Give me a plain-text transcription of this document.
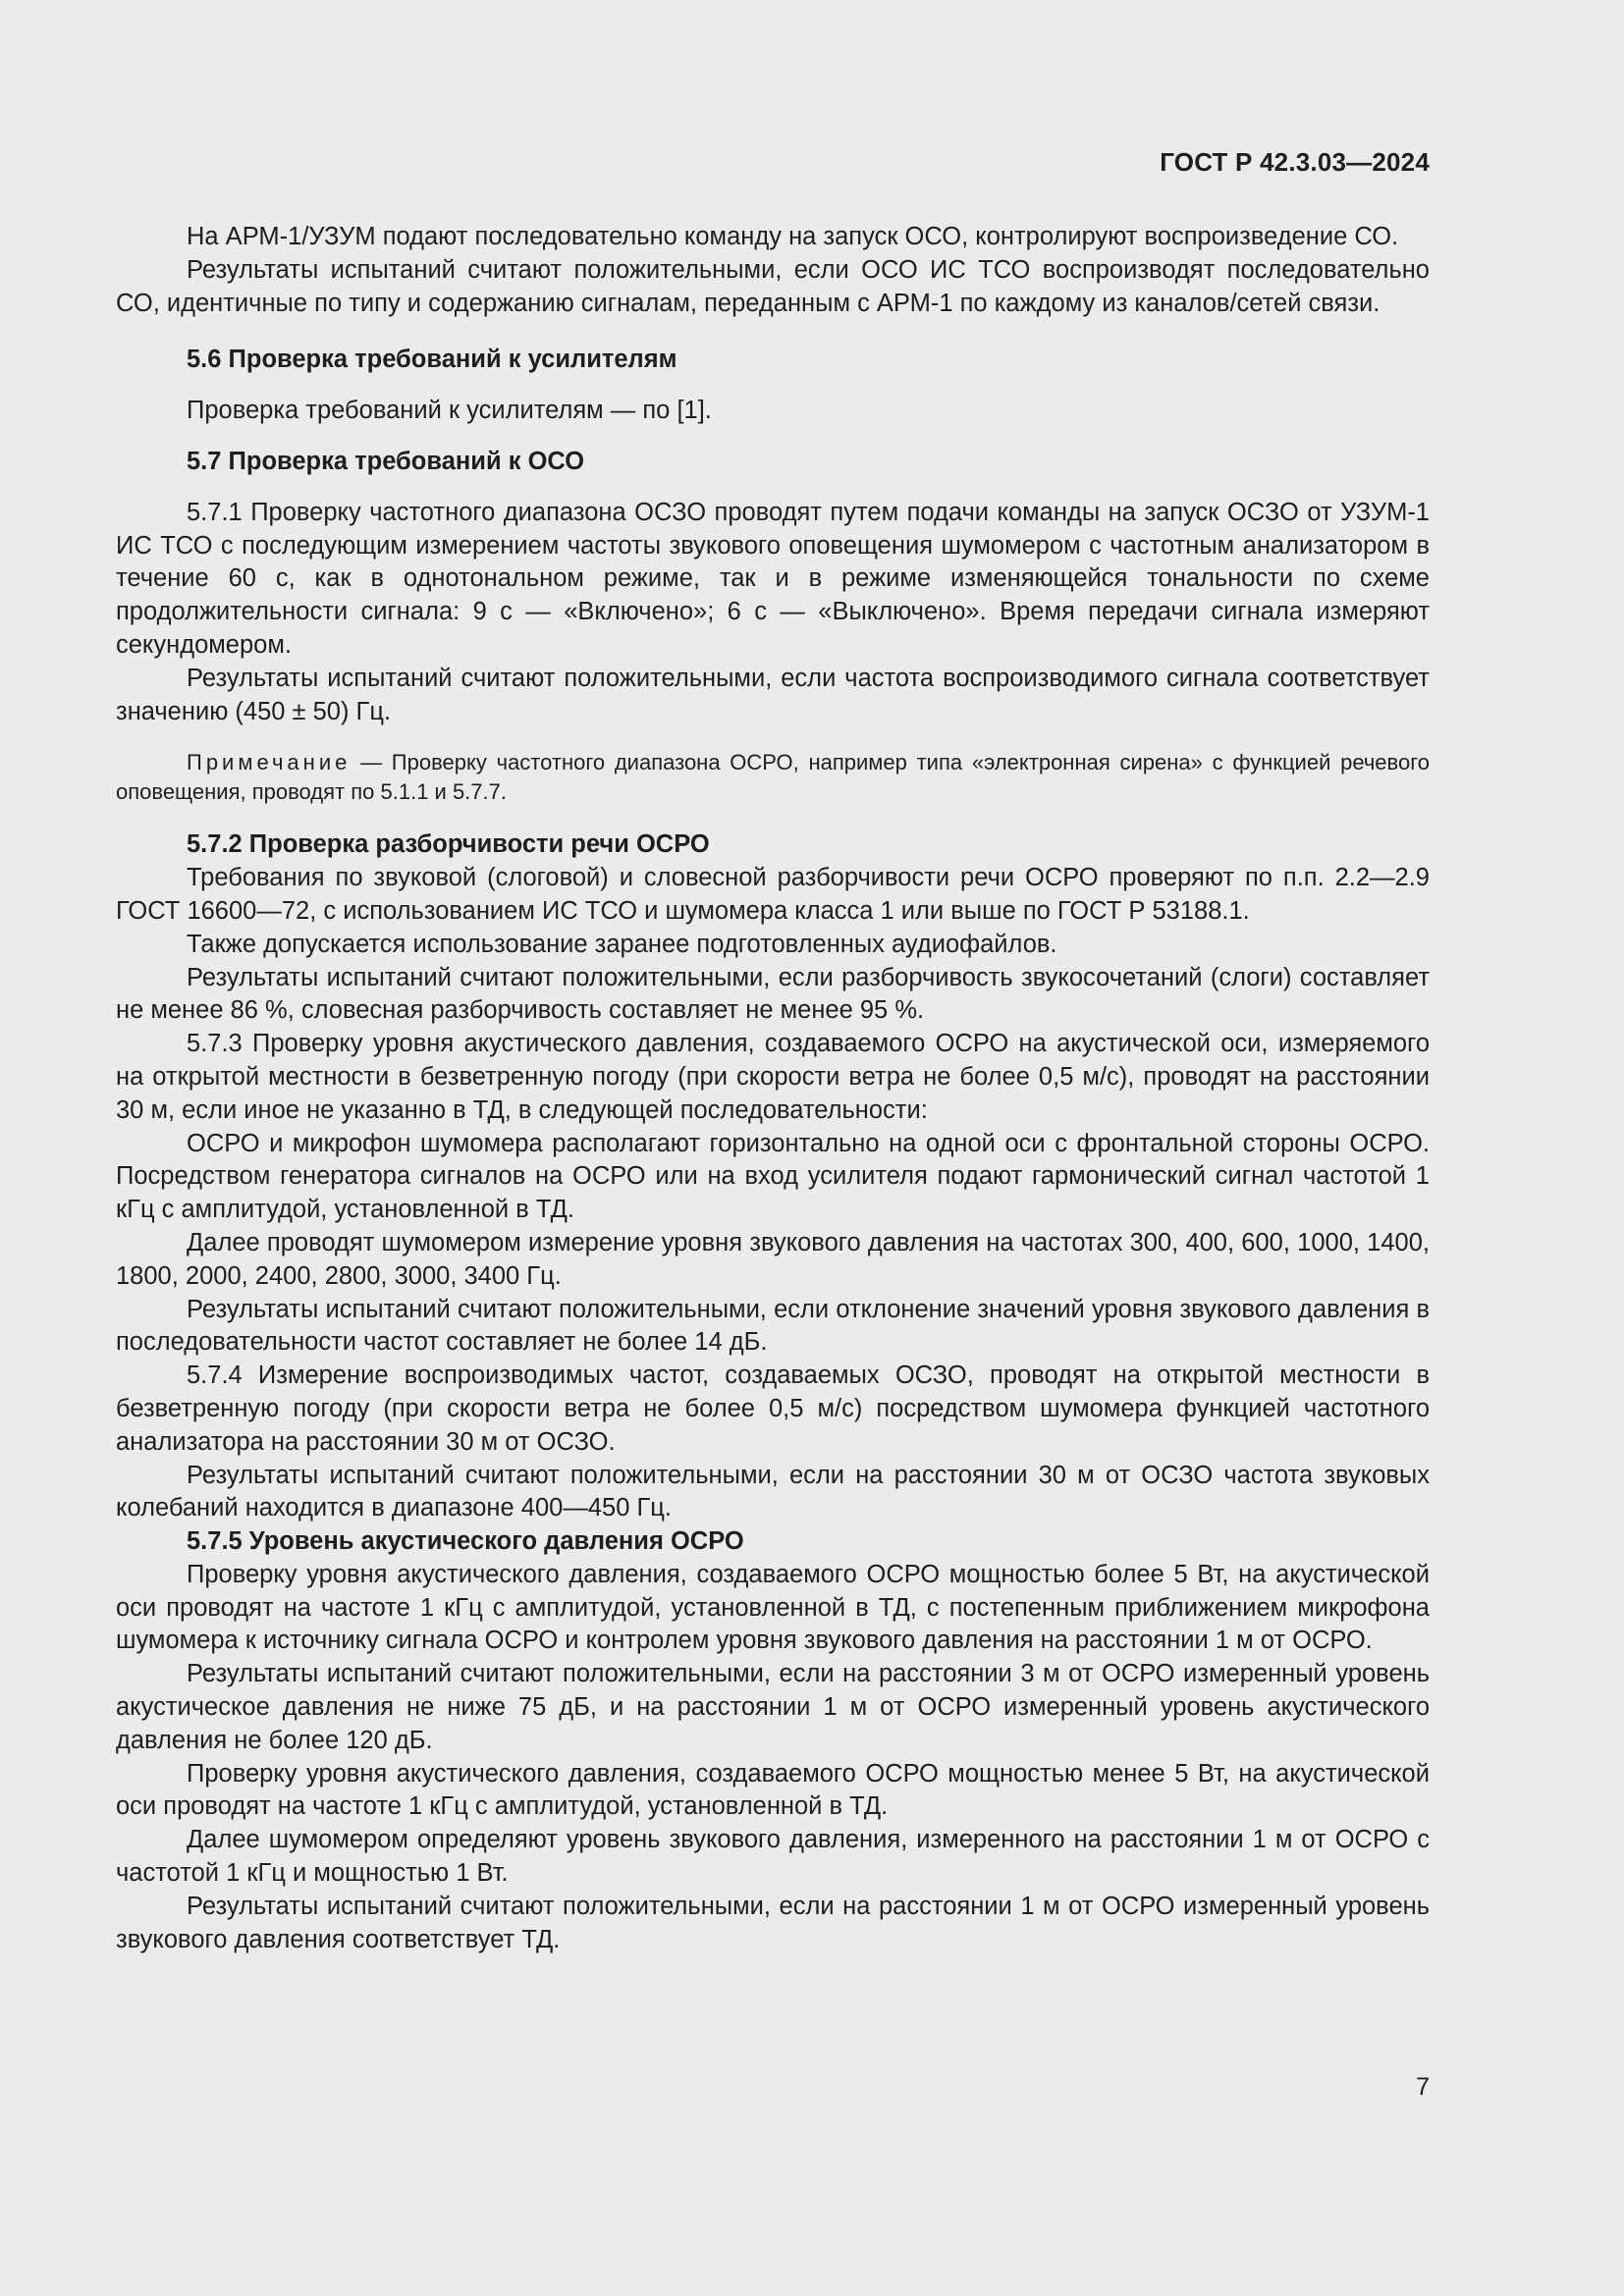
ГОСТ Р 42.3.03—2024

На АРМ-1/УЗУМ подают последовательно команду на запуск ОСО, контролируют воспроизведение СО.

Результаты испытаний считают положительными, если ОСО ИС ТСО воспроизводят последовательно СО, идентичные по типу и содержанию сигналам, переданным с АРМ-1 по каждому из каналов/сетей связи.

5.6 Проверка требований к усилителям

Проверка требований к усилителям — по [1].

5.7 Проверка требований к ОСО

5.7.1 Проверку частотного диапазона ОСЗО проводят путем подачи команды на запуск ОСЗО от УЗУМ-1 ИС ТСО с последующим измерением частоты звукового оповещения шумомером с частотным анализатором в течение 60 с, как в однотональном режиме, так и в режиме изменяющейся тональности по схеме продолжительности сигнала: 9 с — «Включено»; 6 с — «Выключено». Время передачи сигнала измеряют секундомером.

Результаты испытаний считают положительными, если частота воспроизводимого сигнала соответствует значению (450 ± 50) Гц.

Примечание — Проверку частотного диапазона ОСРО, например типа «электронная сирена» с функцией речевого оповещения, проводят по 5.1.1 и 5.7.7.

5.7.2 Проверка разборчивости речи ОСРО

Требования по звуковой (слоговой) и словесной разборчивости речи ОСРО проверяют по п.п. 2.2—2.9 ГОСТ 16600—72, с использованием ИС ТСО и шумомера класса 1 или выше по ГОСТ Р 53188.1.

Также допускается использование заранее подготовленных аудиофайлов.

Результаты испытаний считают положительными, если разборчивость звукосочетаний (слоги) составляет не менее 86 %, словесная разборчивость составляет не менее 95 %.

5.7.3 Проверку уровня акустического давления, создаваемого ОСРО на акустической оси, измеряемого на открытой местности в безветренную погоду (при скорости ветра не более 0,5 м/с), проводят на расстоянии 30 м, если иное не указанно в ТД, в следующей последовательности:

ОСРО и микрофон шумомера располагают горизонтально на одной оси с фронтальной стороны ОСРО. Посредством генератора сигналов на ОСРО или на вход усилителя подают гармонический сигнал частотой 1 кГц с амплитудой, установленной в ТД.

Далее проводят шумомером измерение уровня звукового давления на частотах 300, 400, 600, 1000, 1400, 1800, 2000, 2400, 2800, 3000, 3400 Гц.

Результаты испытаний считают положительными, если отклонение значений уровня звукового давления в последовательности частот составляет не более 14 дБ.

5.7.4 Измерение воспроизводимых частот, создаваемых ОСЗО, проводят на открытой местности в безветренную погоду (при скорости ветра не более 0,5 м/с) посредством шумомера функцией частотного анализатора на расстоянии 30 м от ОСЗО.

Результаты испытаний считают положительными, если на расстоянии 30 м от ОСЗО частота звуковых колебаний находится в диапазоне 400—450 Гц.

5.7.5 Уровень акустического давления ОСРО

Проверку уровня акустического давления, создаваемого ОСРО мощностью более 5 Вт, на акустической оси проводят на частоте 1 кГц с амплитудой, установленной в ТД, с постепенным приближением микрофона шумомера к источнику сигнала ОСРО и контролем уровня звукового давления на расстоянии 1 м от ОСРО.

Результаты испытаний считают положительными, если на расстоянии 3 м от ОСРО измеренный уровень акустическое давления не ниже 75 дБ, и на расстоянии 1 м от ОСРО измеренный уровень акустического давления не более 120 дБ.

Проверку уровня акустического давления, создаваемого ОСРО мощностью менее 5 Вт, на акустической оси проводят на частоте 1 кГц с амплитудой, установленной в ТД.

Далее шумомером определяют уровень звукового давления, измеренного на расстоянии 1 м от ОСРО с частотой 1 кГц и мощностью 1 Вт.

Результаты испытаний считают положительными, если на расстоянии 1 м от ОСРО измеренный уровень звукового давления соответствует ТД.

7
